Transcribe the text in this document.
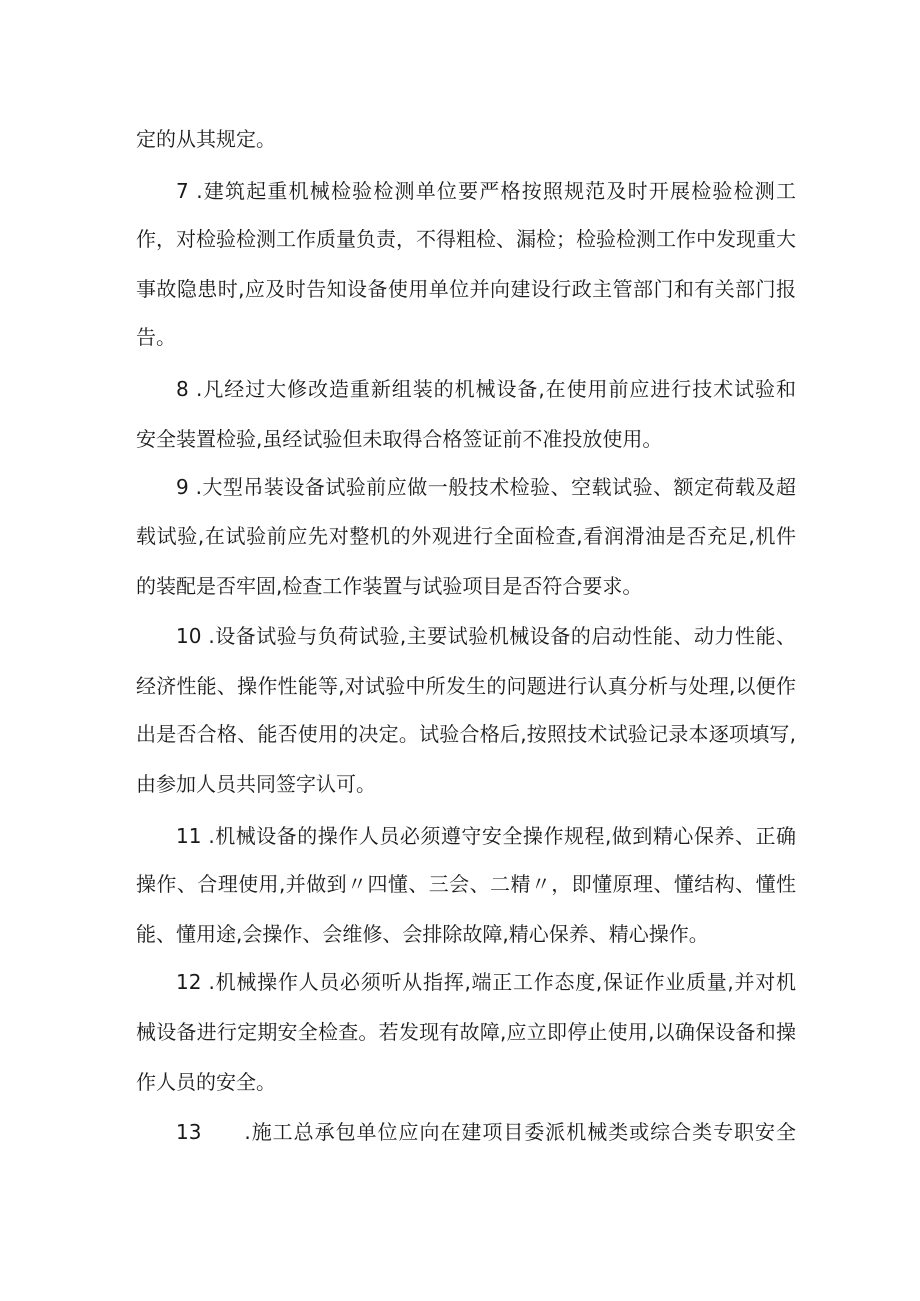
定的从其规定。
7 .建筑起重机械检验检测单位要严格按照规范及时开展检验检测工
作，对检验检测工作质量负责，不得粗检、漏检；检验检测工作中发现重大
事故隐患时,应及时告知设备使用单位并向建设行政主管部门和有关部门报
告。
8 .凡经过大修改造重新组装的机械设备,在使用前应进行技术试验和
安全装置检验,虽经试验但未取得合格签证前不准投放使用。
9 .大型吊装设备试验前应做一般技术检验、空载试验、额定荷载及超
载试验,在试验前应先对整机的外观进行全面检查,看润滑油是否充足,机件
的装配是否牢固,检查工作装置与试验项目是否符合要求。
10 .设备试验与负荷试验,主要试验机械设备的启动性能、动力性能、
经济性能、操作性能等,对试验中所发生的问题进行认真分析与处理,以便作
出是否合格、能否使用的决定。试验合格后,按照技术试验记录本逐项填写,
由参加人员共同签字认可。
11 .机械设备的操作人员必须遵守安全操作规程,做到精心保养、正确
操作、合理使用,并做到〃四懂、三会、二精〃，即懂原理、懂结构、懂性
能、懂用途,会操作、会维修、会排除故障,精心保养、精心操作。
12 .机械操作人员必须听从指挥,端正工作态度,保证作业质量,并对机
械设备进行定期安全检查。若发现有故障,应立即停止使用,以确保设备和操
作人员的安全。
13　　.施工总承包单位应向在建项目委派机械类或综合类专职安全
